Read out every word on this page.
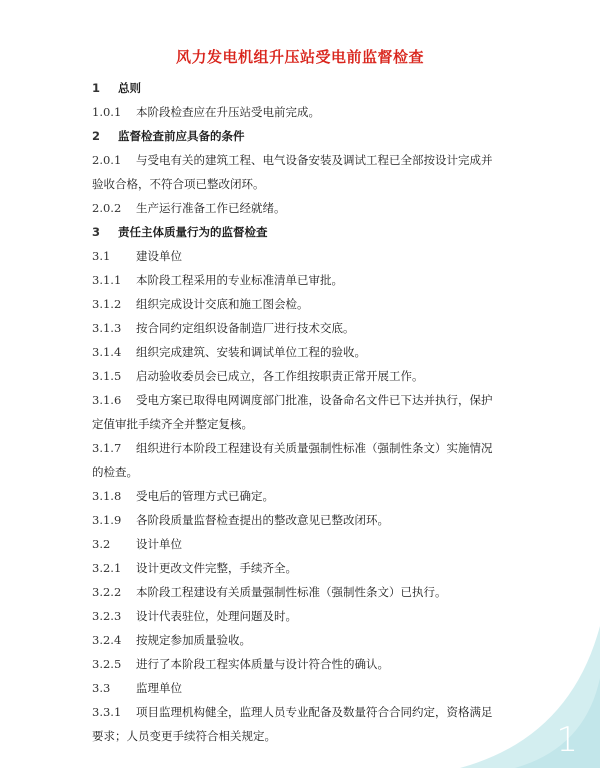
风力发电机组升压站受电前监督检查
1 总则
1.0.1 本阶段检查应在升压站受电前完成。
2 监督检查前应具备的条件
2.0.1 与受电有关的建筑工程、电气设备安装及调试工程已全部按设计完成并
验收合格，不符合项已整改闭环。
2.0.2 生产运行准备工作已经就绪。
3 责任主体质量行为的监督检查
3.1 建设单位
3.1.1 本阶段工程采用的专业标准清单已审批。
3.1.2 组织完成设计交底和施工图会检。
3.1.3 按合同约定组织设备制造厂进行技术交底。
3.1.4 组织完成建筑、安装和调试单位工程的验收。
3.1.5 启动验收委员会已成立，各工作组按职责正常开展工作。
3.1.6 受电方案已取得电网调度部门批准，设备命名文件已下达并执行，保护
定值审批手续齐全并整定复核。
3.1.7 组织进行本阶段工程建设有关质量强制性标准（强制性条文）实施情况
的检查。
3.1.8 受电后的管理方式已确定。
3.1.9 各阶段质量监督检查提出的整改意见已整改闭环。
3.2 设计单位
3.2.1 设计更改文件完整，手续齐全。
3.2.2 本阶段工程建设有关质量强制性标准（强制性条文）已执行。
3.2.3 设计代表驻位，处理问题及时。
3.2.4 按规定参加质量验收。
3.2.5 进行了本阶段工程实体质量与设计符合性的确认。
3.3 监理单位
3.3.1 项目监理机构健全，监理人员专业配备及数量符合合同约定，资格满足
要求；人员变更手续符合相关规定。	1
